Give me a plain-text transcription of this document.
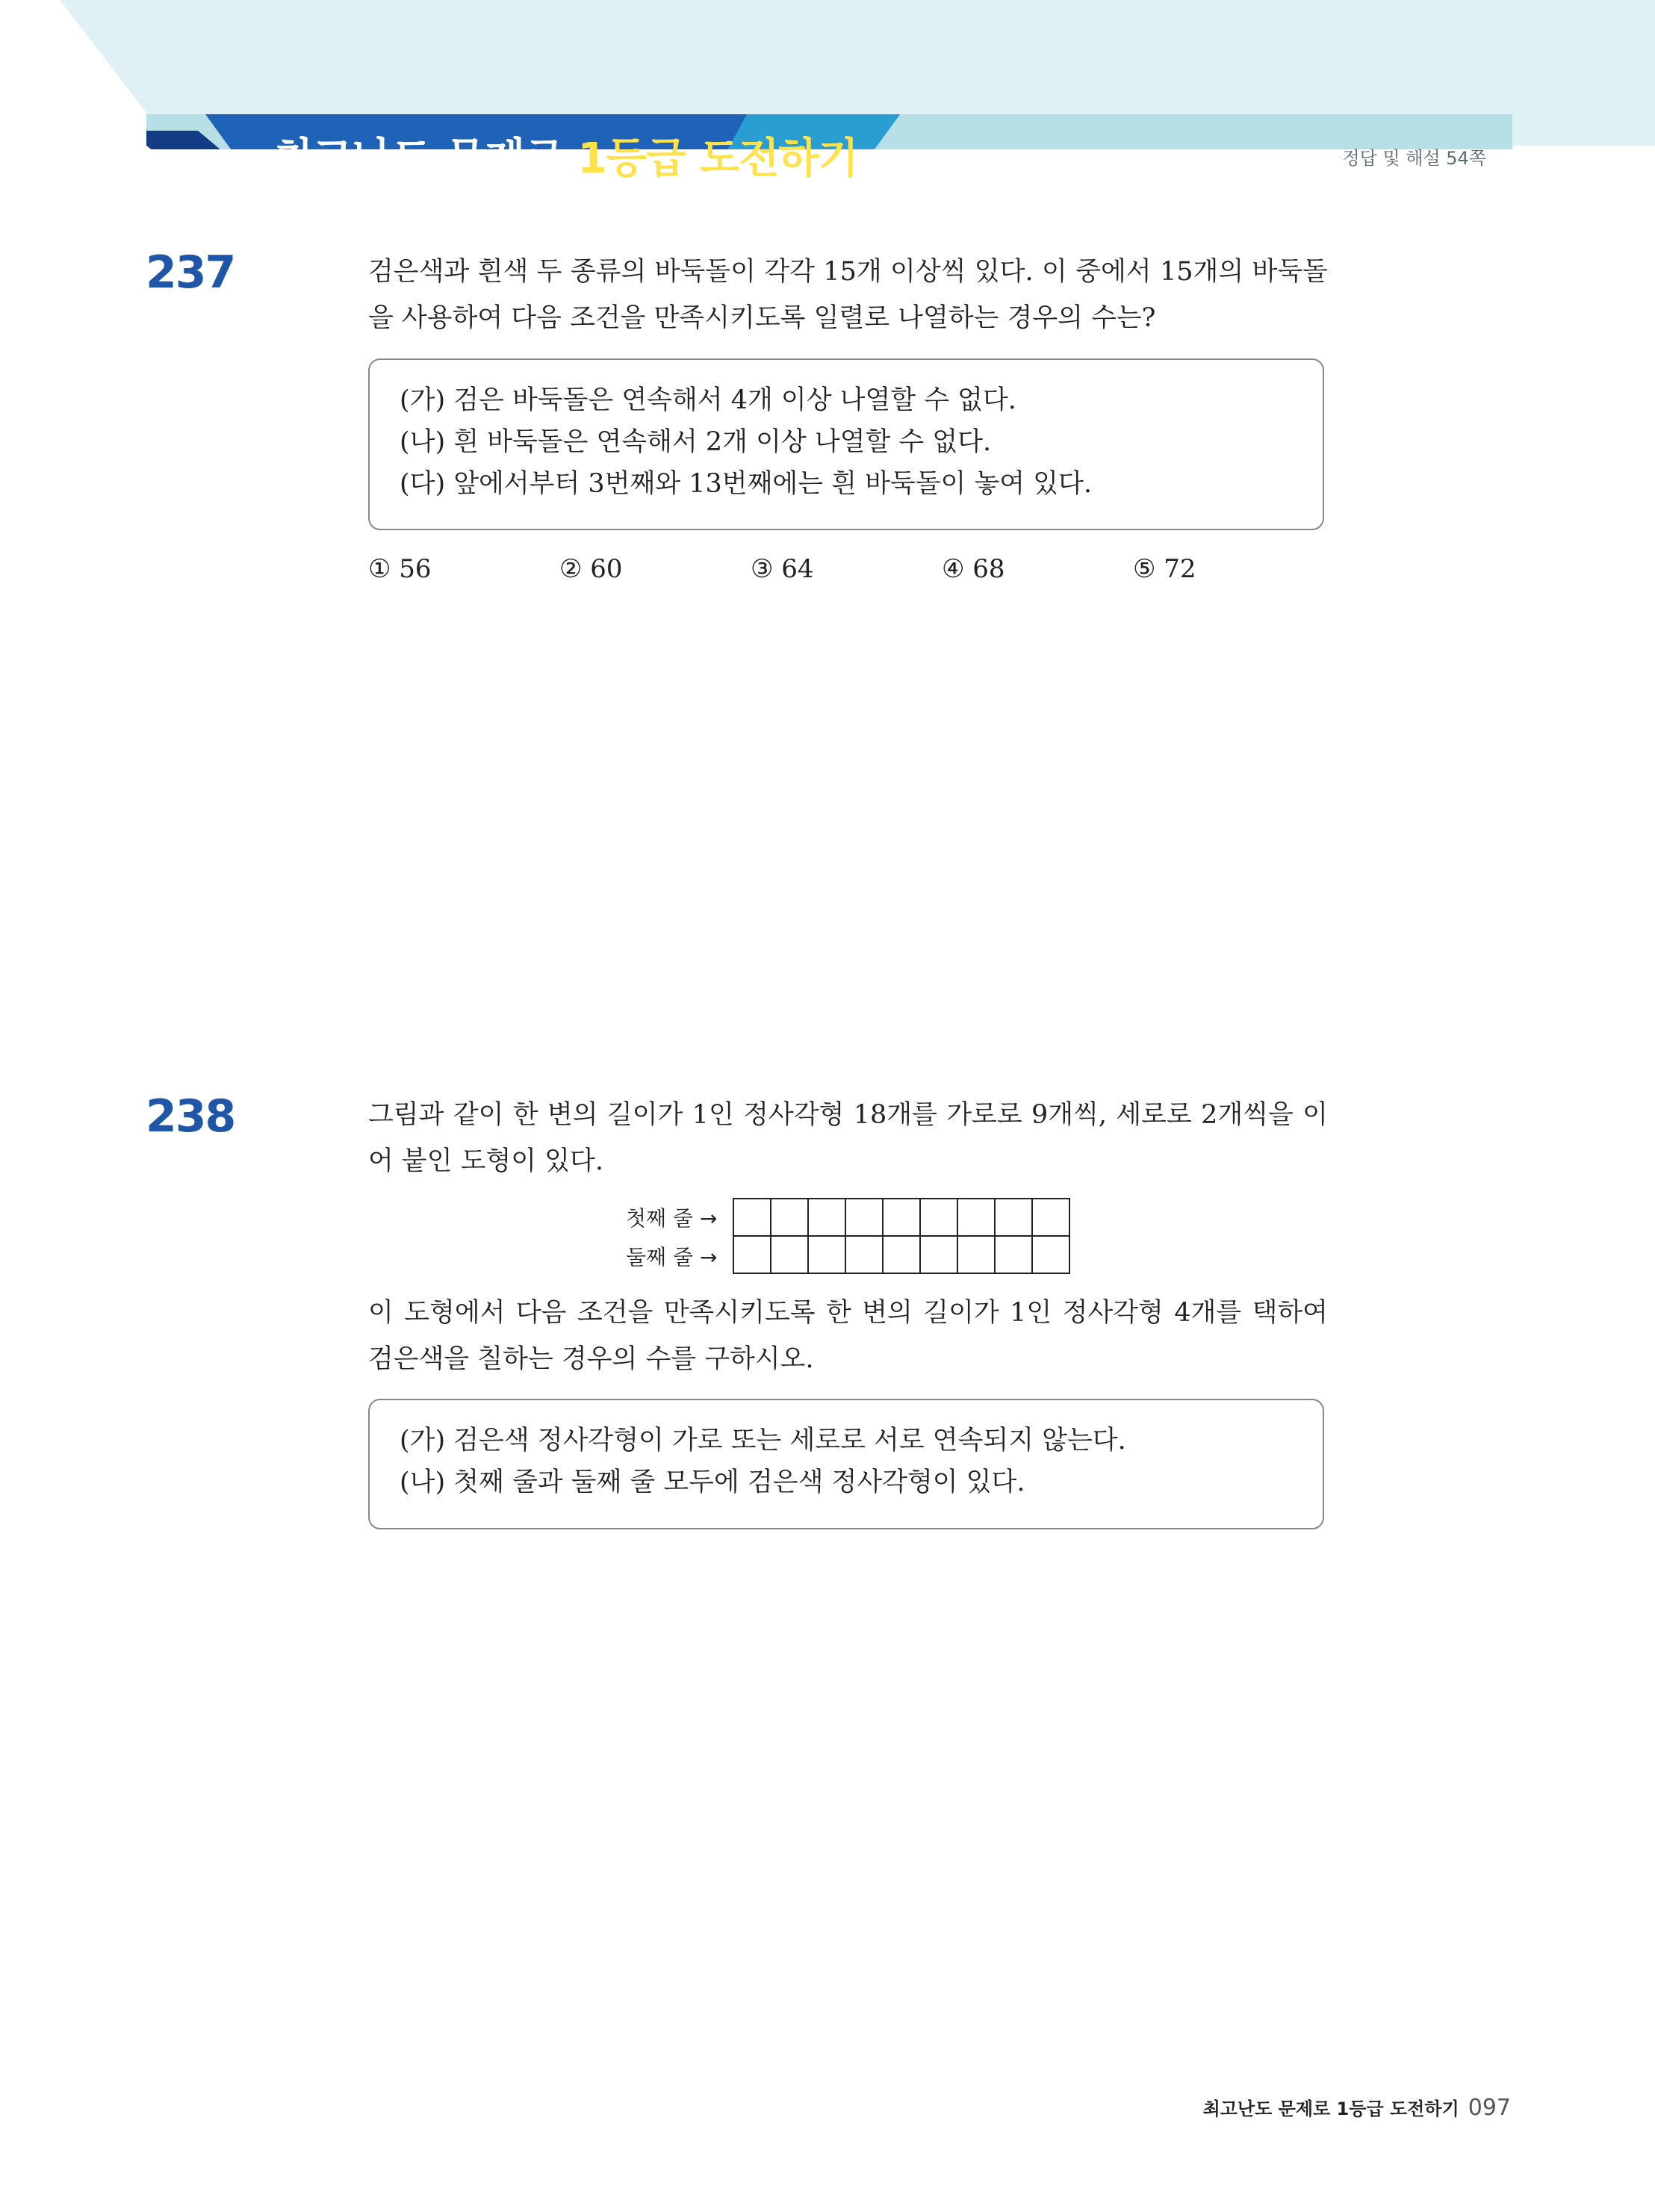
최고난도 문제로 1등급 도전하기	정답 및 해설 54쪽
237	검은색과 흰색 두 종류의 바둑돌이 각각 15개 이상씩 있다. 이 중에서 15개의 바둑돌을 사용하여 다음 조건을 만족시키도록 일렬로 나열하는 경우의 수는?

(가) 검은 바둑돌은 연속해서 4개 이상 나열할 수 없다.

(나) 흰 바둑돌은 연속해서 2개 이상 나열할 수 없다.

(다) 앞에서부터 3번째와 13번째에는 흰 바둑돌이 놓여 있다.

① 56	② 60	③ 64	④ 68	⑤ 72
238	그림과 같이 한 변의 길이가 1인 정사각형 18개를 가로로 9개씩, 세로로 2개씩을 이어 붙인 도형이 있다.

첫째 줄 →
둘째 줄 →

이 도형에서 다음 조건을 만족시키도록 한 변의 길이가 1인 정사각형 4개를 택하여 검은색을 칠하는 경우의 수를 구하시오.

(가) 검은색 정사각형이 가로 또는 세로로 서로 연속되지 않는다.

(나) 첫째 줄과 둘째 줄 모두에 검은색 정사각형이 있다.

최고난도 문제로 1등급 도전하기 097
